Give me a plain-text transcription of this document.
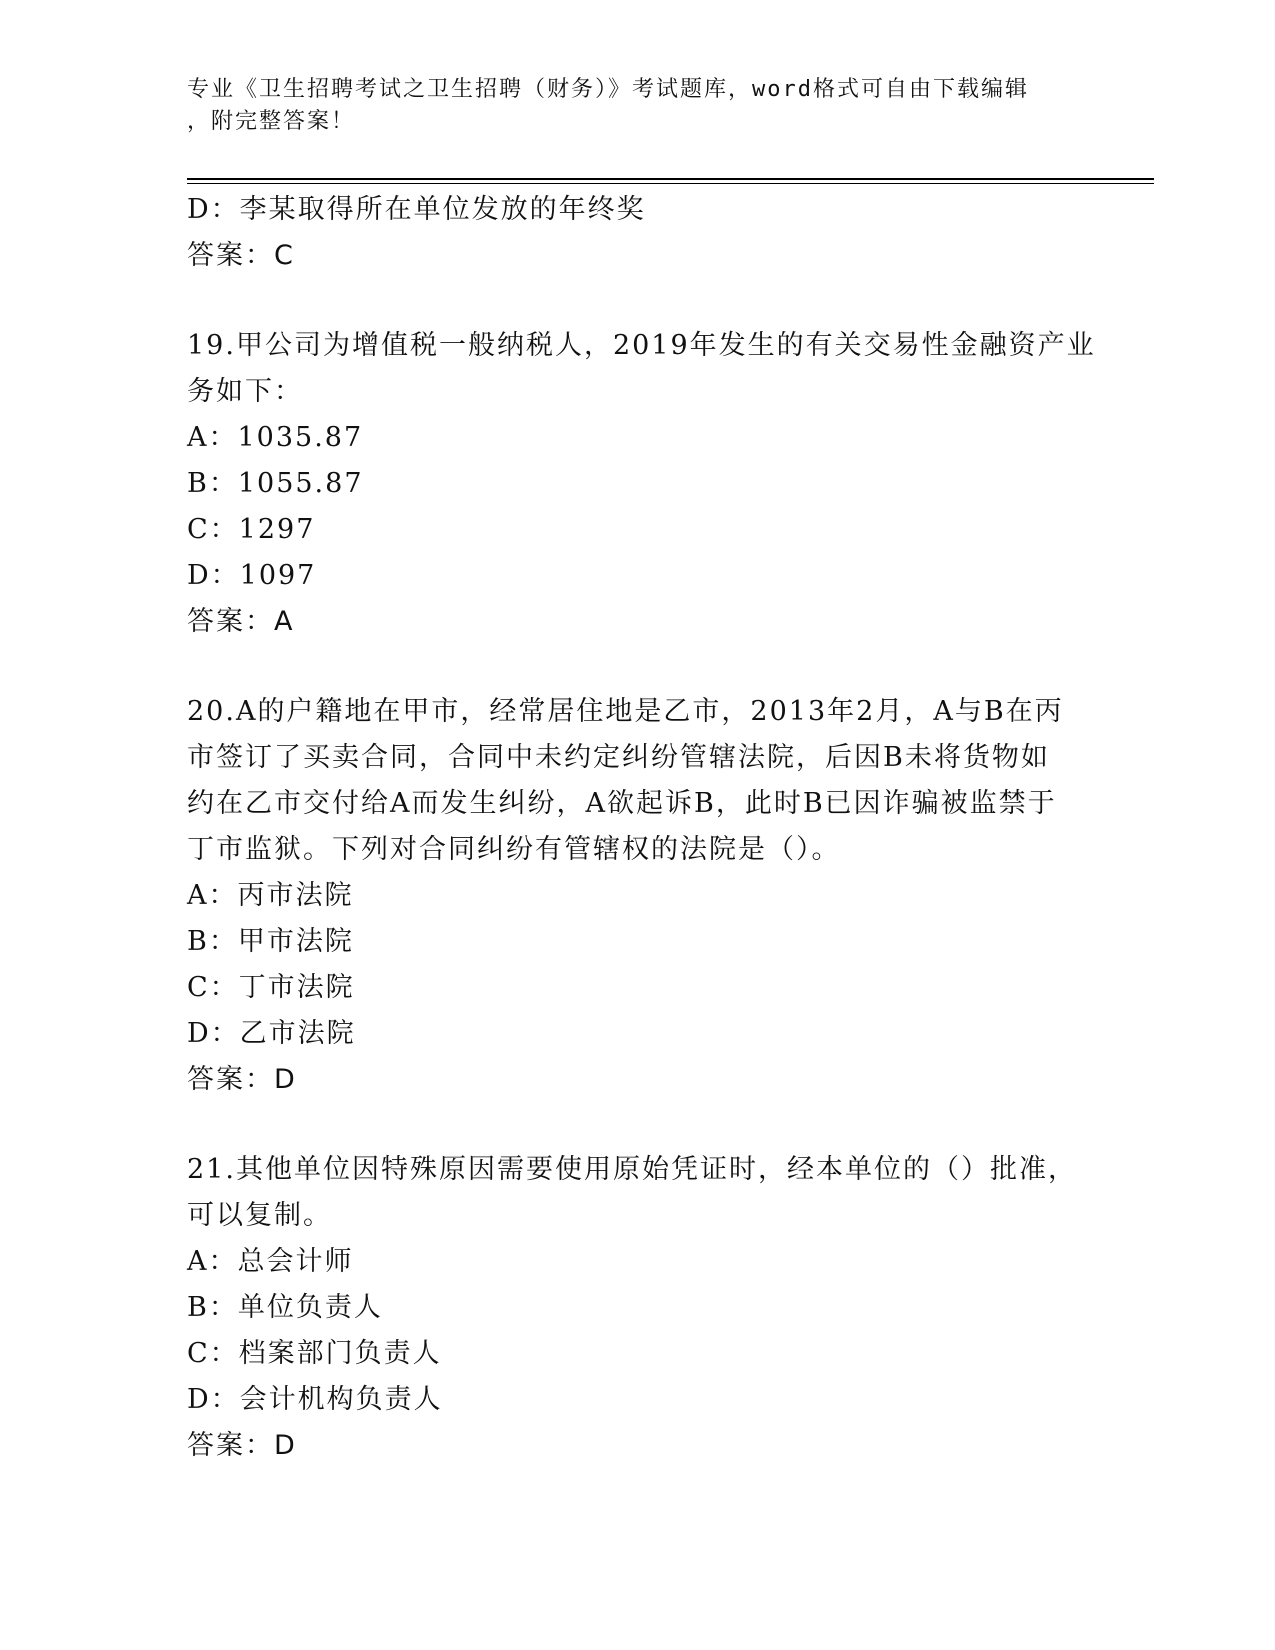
专业《卫生招聘考试之卫生招聘（财务）》考试题库，word格式可自由下载编辑
，附完整答案！
D：李某取得所在单位发放的年终奖
答案：C
19.甲公司为增值税一般纳税人，2019年发生的有关交易性金融资产业
务如下：
A：1035.87
B：1055.87
C：1297
D：1097
答案：A
20.A的户籍地在甲市，经常居住地是乙市，2013年2月，A与B在丙
市签订了买卖合同，合同中未约定纠纷管辖法院，后因B未将货物如
约在乙市交付给A而发生纠纷，A欲起诉B，此时B已因诈骗被监禁于
丁市监狱。下列对合同纠纷有管辖权的法院是（）。
A：丙市法院
B：甲市法院
C：丁市法院
D：乙市法院
答案：D
21.其他单位因特殊原因需要使用原始凭证时，经本单位的（）批准，
可以复制。
A：总会计师
B：单位负责人
C：档案部门负责人
D：会计机构负责人
答案：D
